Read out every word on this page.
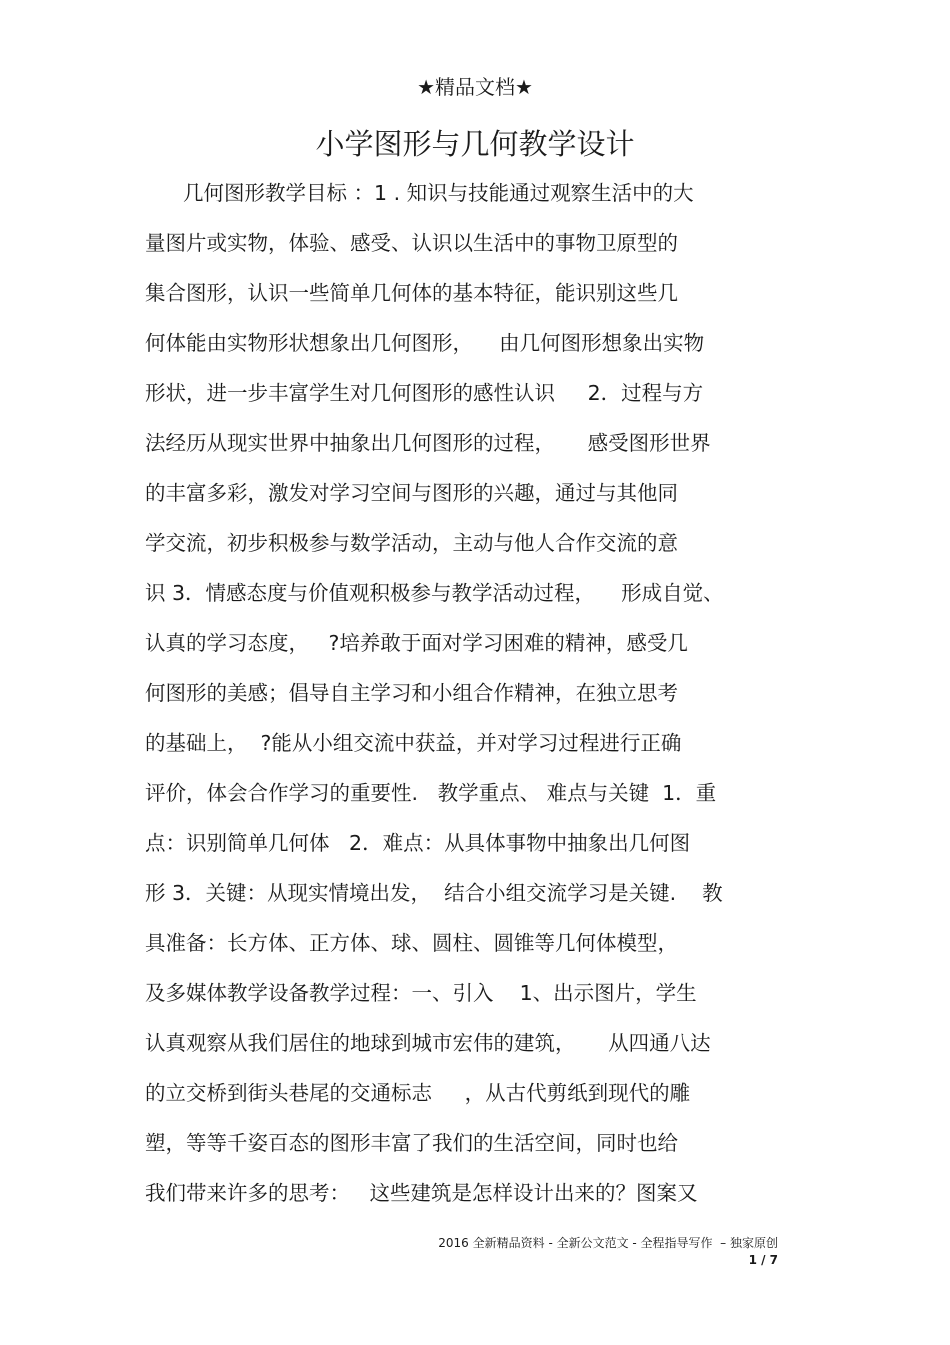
★精品文档★
小学图形与几何教学设计
几何图形教学目标 ：1 . 知识与技能通过观察生活中的大
量图片或实物，体验、感受、认识以生活中的事物卫原型的
集合图形，认识一些简单几何体的基本特征，能识别这些几
何体能由实物形状想象出几何图形，    由几何图形想象出实物
形状，进一步丰富学生对几何图形的感性认识     2．过程与方
法经历从现实世界中抽象出几何图形的过程，     感受图形世界
的丰富多彩，激发对学习空间与图形的兴趣，通过与其他同
学交流，初步积极参与数学活动，主动与他人合作交流的意
识 3．情感态度与价值观积极参与教学活动过程，    形成自觉、
认真的学习态度，   ?培养敢于面对学习困难的精神，感受几
何图形的美感；倡导自主学习和小组合作精神，在独立思考
的基础上，  ?能从小组交流中获益，并对学习过程进行正确
评价，体会合作学习的重要性.   教学重点、 难点与关键  1．重
点：识别简单几何体   2．难点：从具体事物中抽象出几何图
形 3．关键：从现实情境出发，  结合小组交流学习是关键.    教
具准备：长方体、正方体、球、圆柱、圆锥等几何体模型，
及多媒体教学设备教学过程：一、引入    1、出示图片，学生
认真观察从我们居住的地球到城市宏伟的建筑，     从四通八达
的立交桥到街头巷尾的交通标志     ，从古代剪纸到现代的雕
塑，等等千姿百态的图形丰富了我们的生活空间，同时也给
我们带来许多的思考：   这些建筑是怎样设计出来的？图案又
2016 全新精品资料 - 全新公文范文 - 全程指导写作  – 独家原创
1 / 7
